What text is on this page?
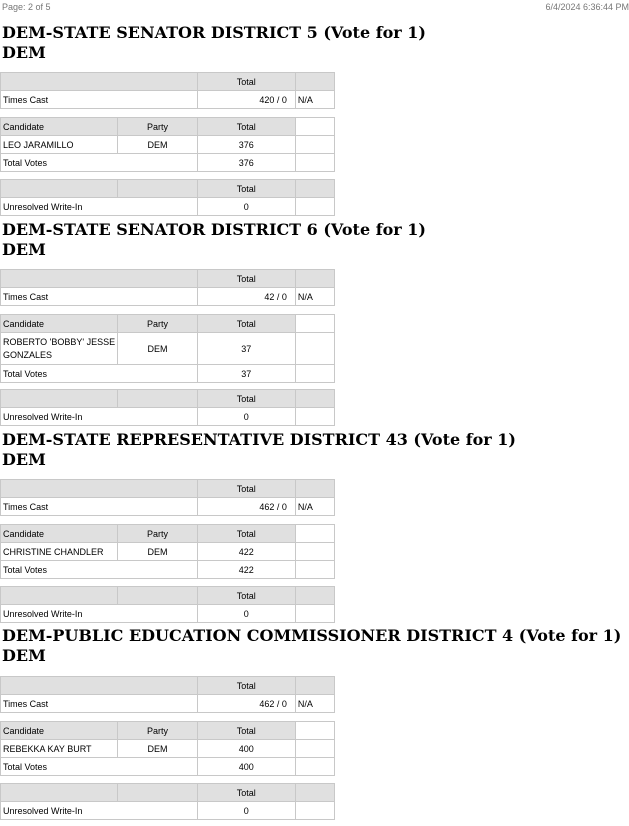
Page: 2 of 5	6/4/2024 6:36:44 PM
DEM-STATE SENATOR DISTRICT 5 (Vote for 1)
DEM
	Total	
Times Cast	420 / 0	N/A
Candidate	Party	Total	
LEO JARAMILLO	DEM	376	
Total Votes		376	
		Total	
Unresolved Write-In		0	
DEM-STATE SENATOR DISTRICT 6 (Vote for 1)
DEM
	Total	
Times Cast	42 / 0	N/A
Candidate	Party	Total	
ROBERTO 'BOBBY' JESSE GONZALES	DEM	37	
Total Votes		37	
		Total	
Unresolved Write-In		0	
DEM-STATE REPRESENTATIVE DISTRICT 43 (Vote for 1)
DEM
	Total	
Times Cast	462 / 0	N/A
Candidate	Party	Total	
CHRISTINE CHANDLER	DEM	422	
Total Votes		422	
		Total	
Unresolved Write-In		0	
DEM-PUBLIC EDUCATION COMMISSIONER DISTRICT 4 (Vote for 1)
DEM
	Total	
Times Cast	462 / 0	N/A
Candidate	Party	Total	
REBEKKA KAY BURT	DEM	400	
Total Votes		400	
		Total	
Unresolved Write-In		0	
